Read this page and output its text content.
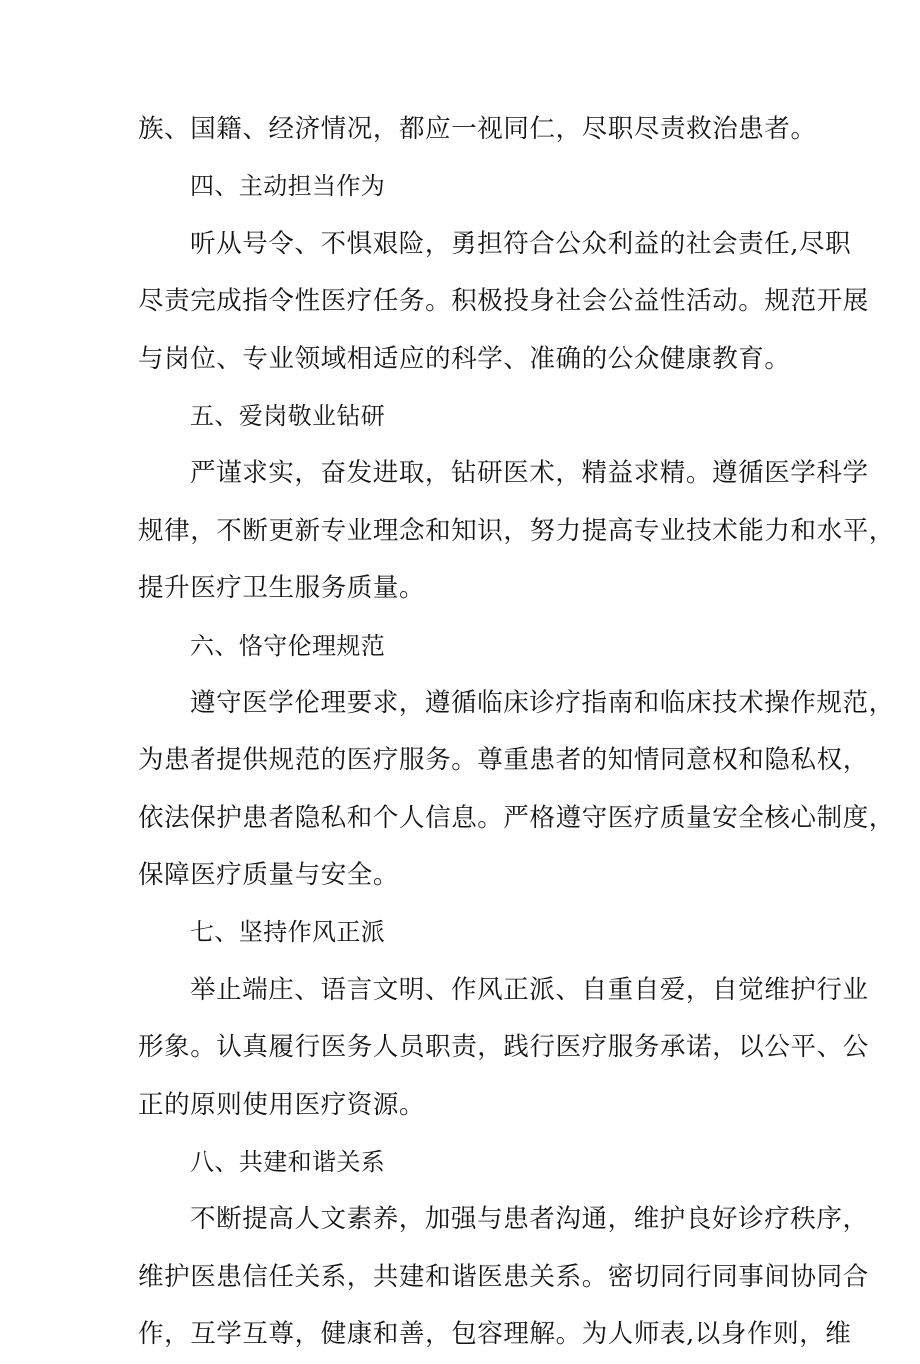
族、国籍、经济情况，都应一视同仁，尽职尽责救治患者。
四、主动担当作为
听从号令、不惧艰险，勇担符合公众利益的社会责任,尽职
尽责完成指令性医疗任务。积极投身社会公益性活动。规范开展
与岗位、专业领域相适应的科学、准确的公众健康教育。
五、爱岗敬业钻研
严谨求实，奋发进取，钻研医术，精益求精。遵循医学科学
规律，不断更新专业理念和知识，努力提高专业技术能力和水平，
提升医疗卫生服务质量。
六、恪守伦理规范
遵守医学伦理要求，遵循临床诊疗指南和临床技术操作规范，
为患者提供规范的医疗服务。尊重患者的知情同意权和隐私权，
依法保护患者隐私和个人信息。严格遵守医疗质量安全核心制度，
保障医疗质量与安全。
七、坚持作风正派
举止端庄、语言文明、作风正派、自重自爱，自觉维护行业
形象。认真履行医务人员职责，践行医疗服务承诺，以公平、公
正的原则使用医疗资源。
八、共建和谐关系
不断提高人文素养，加强与患者沟通，维护良好诊疗秩序，
维护医患信任关系，共建和谐医患关系。密切同行同事间协同合
作，互学互尊，健康和善，包容理解。为人师表,以身作则，维
